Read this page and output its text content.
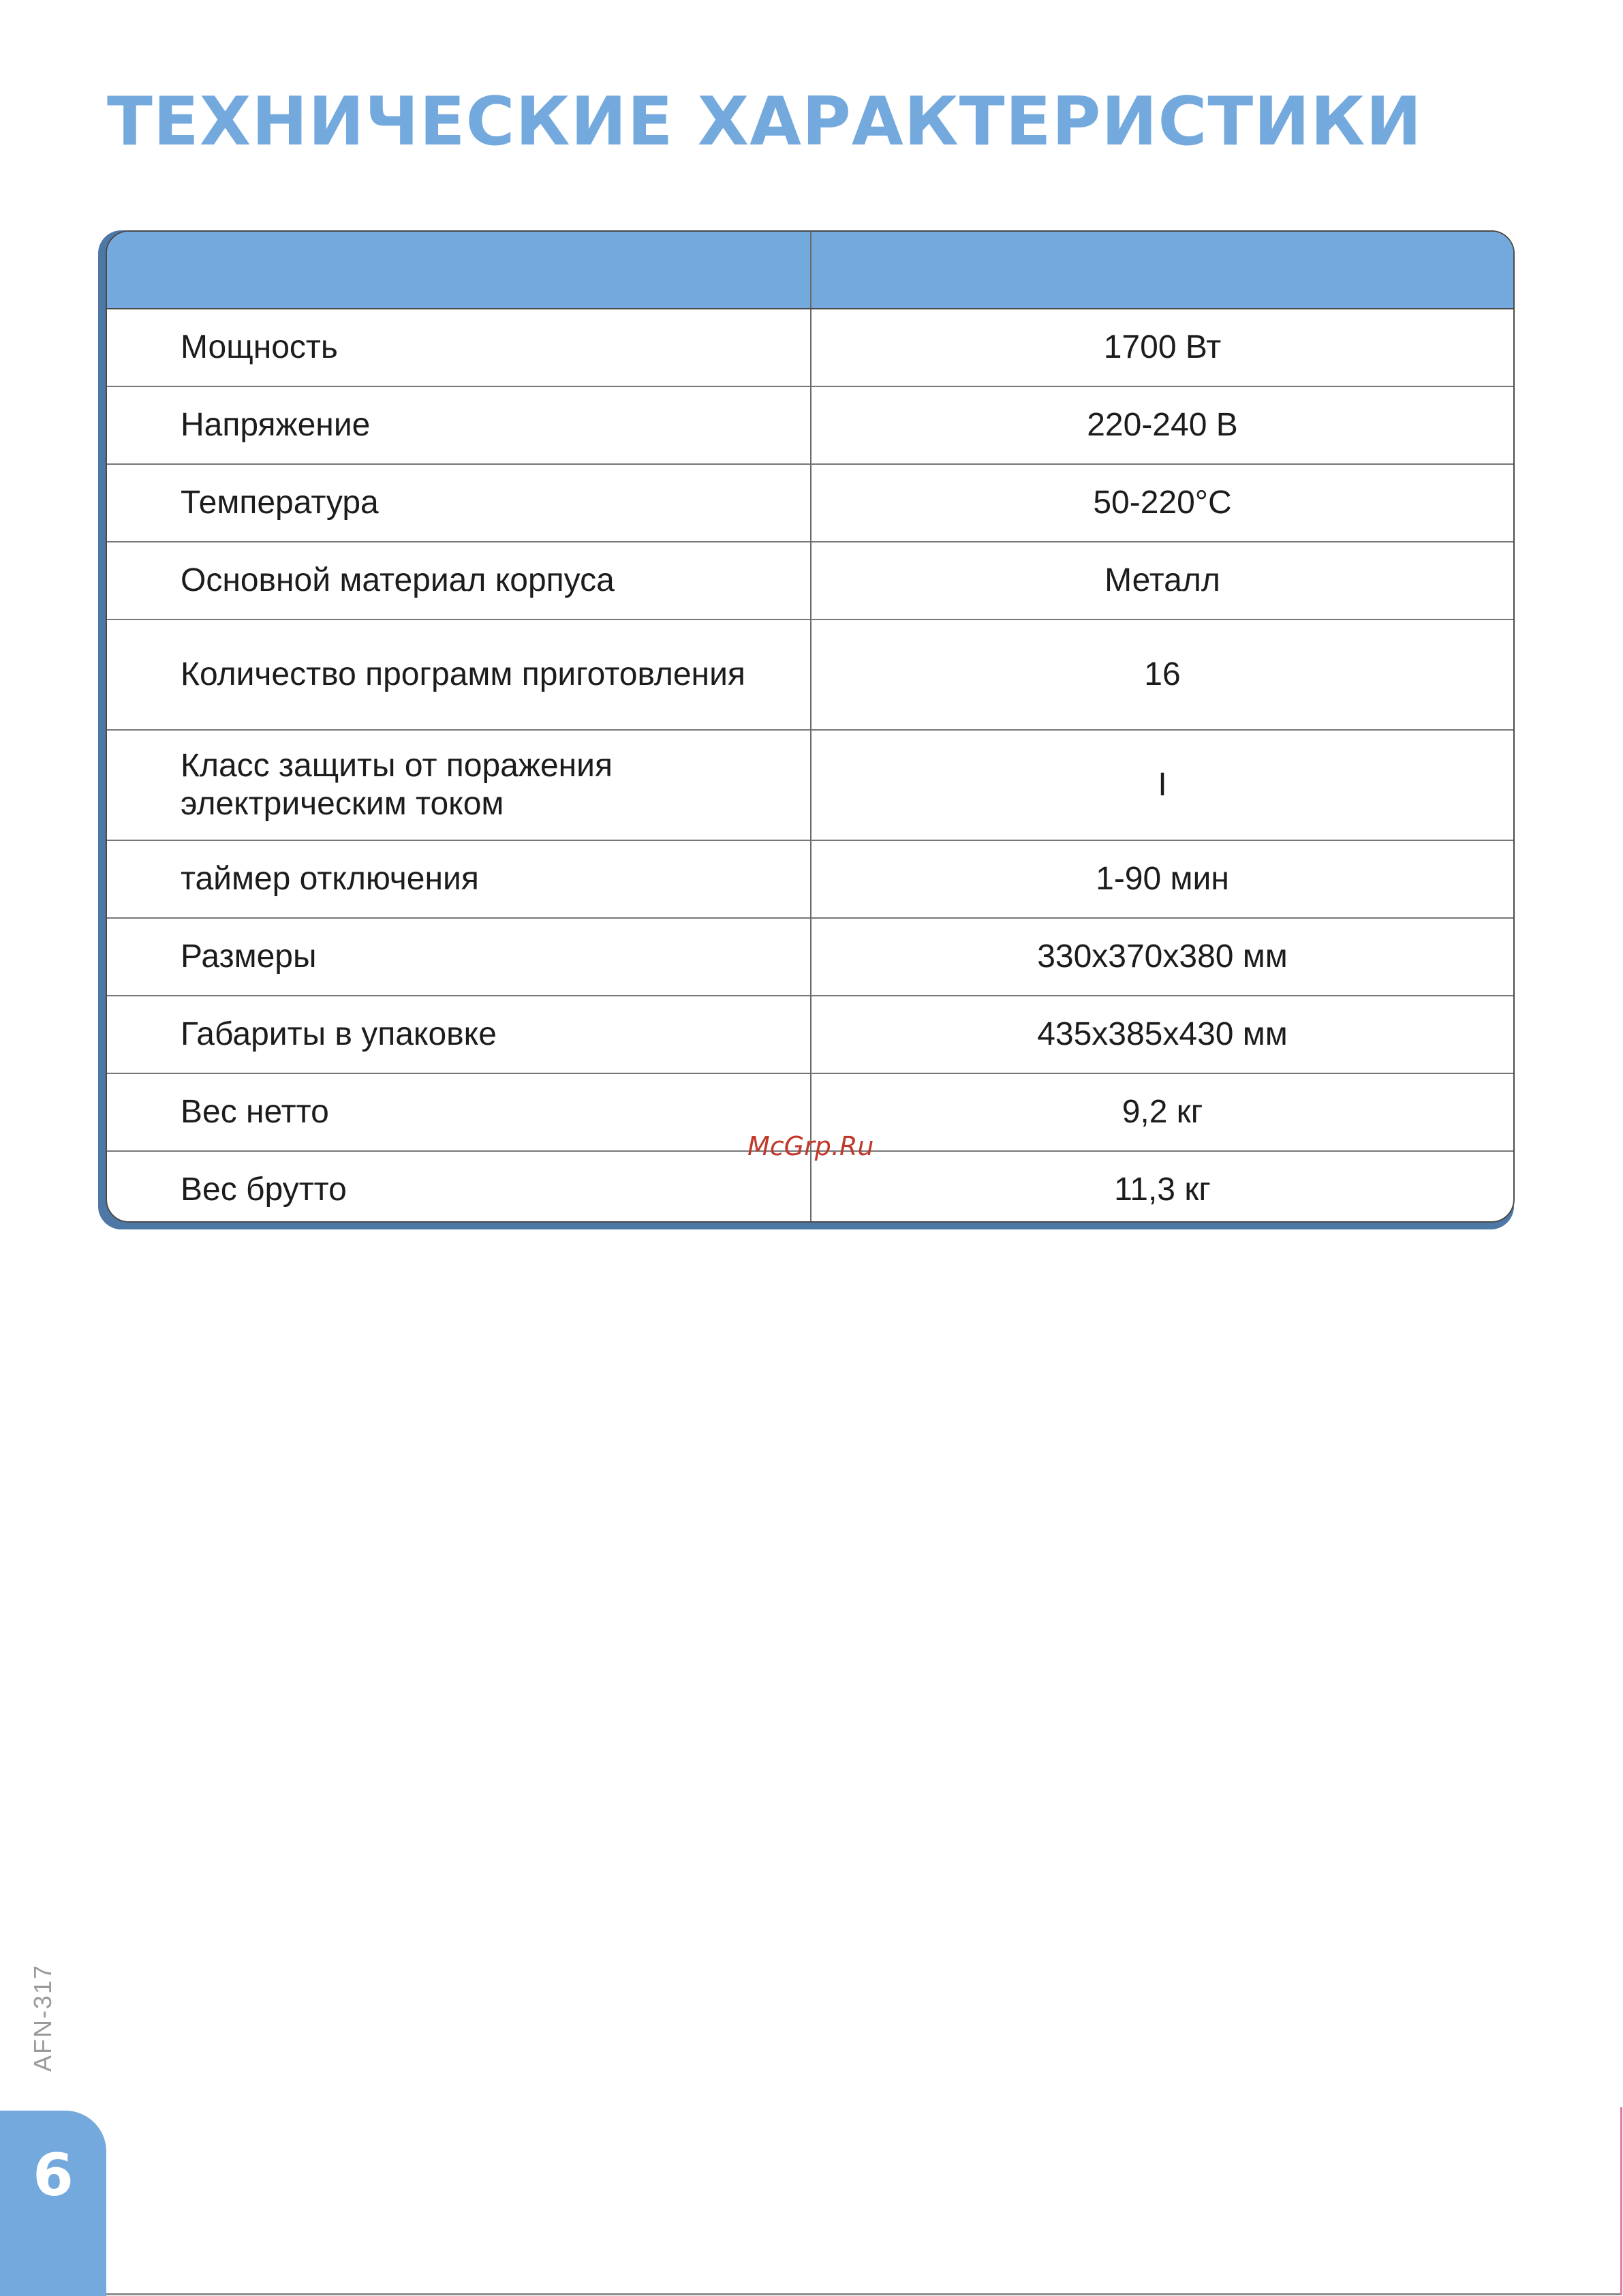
ТЕХНИЧЕСКИЕ ХАРАКТЕРИСТИКИ

Мощность	1700 Вт
Напряжение	220-240 В
Температура	50-220°C
Основной материал корпуса	Металл
Количество программ приготовления	16
Класс защиты от поражения электрическим током	I
таймер отключения	1-90 мин
Размеры	330х370х380 мм
Габариты в упаковке	435х385х430 мм
Вес нетто	9,2 кг
Вес брутто	11,3 кг
McGrp.Ru
AFN-317
6
